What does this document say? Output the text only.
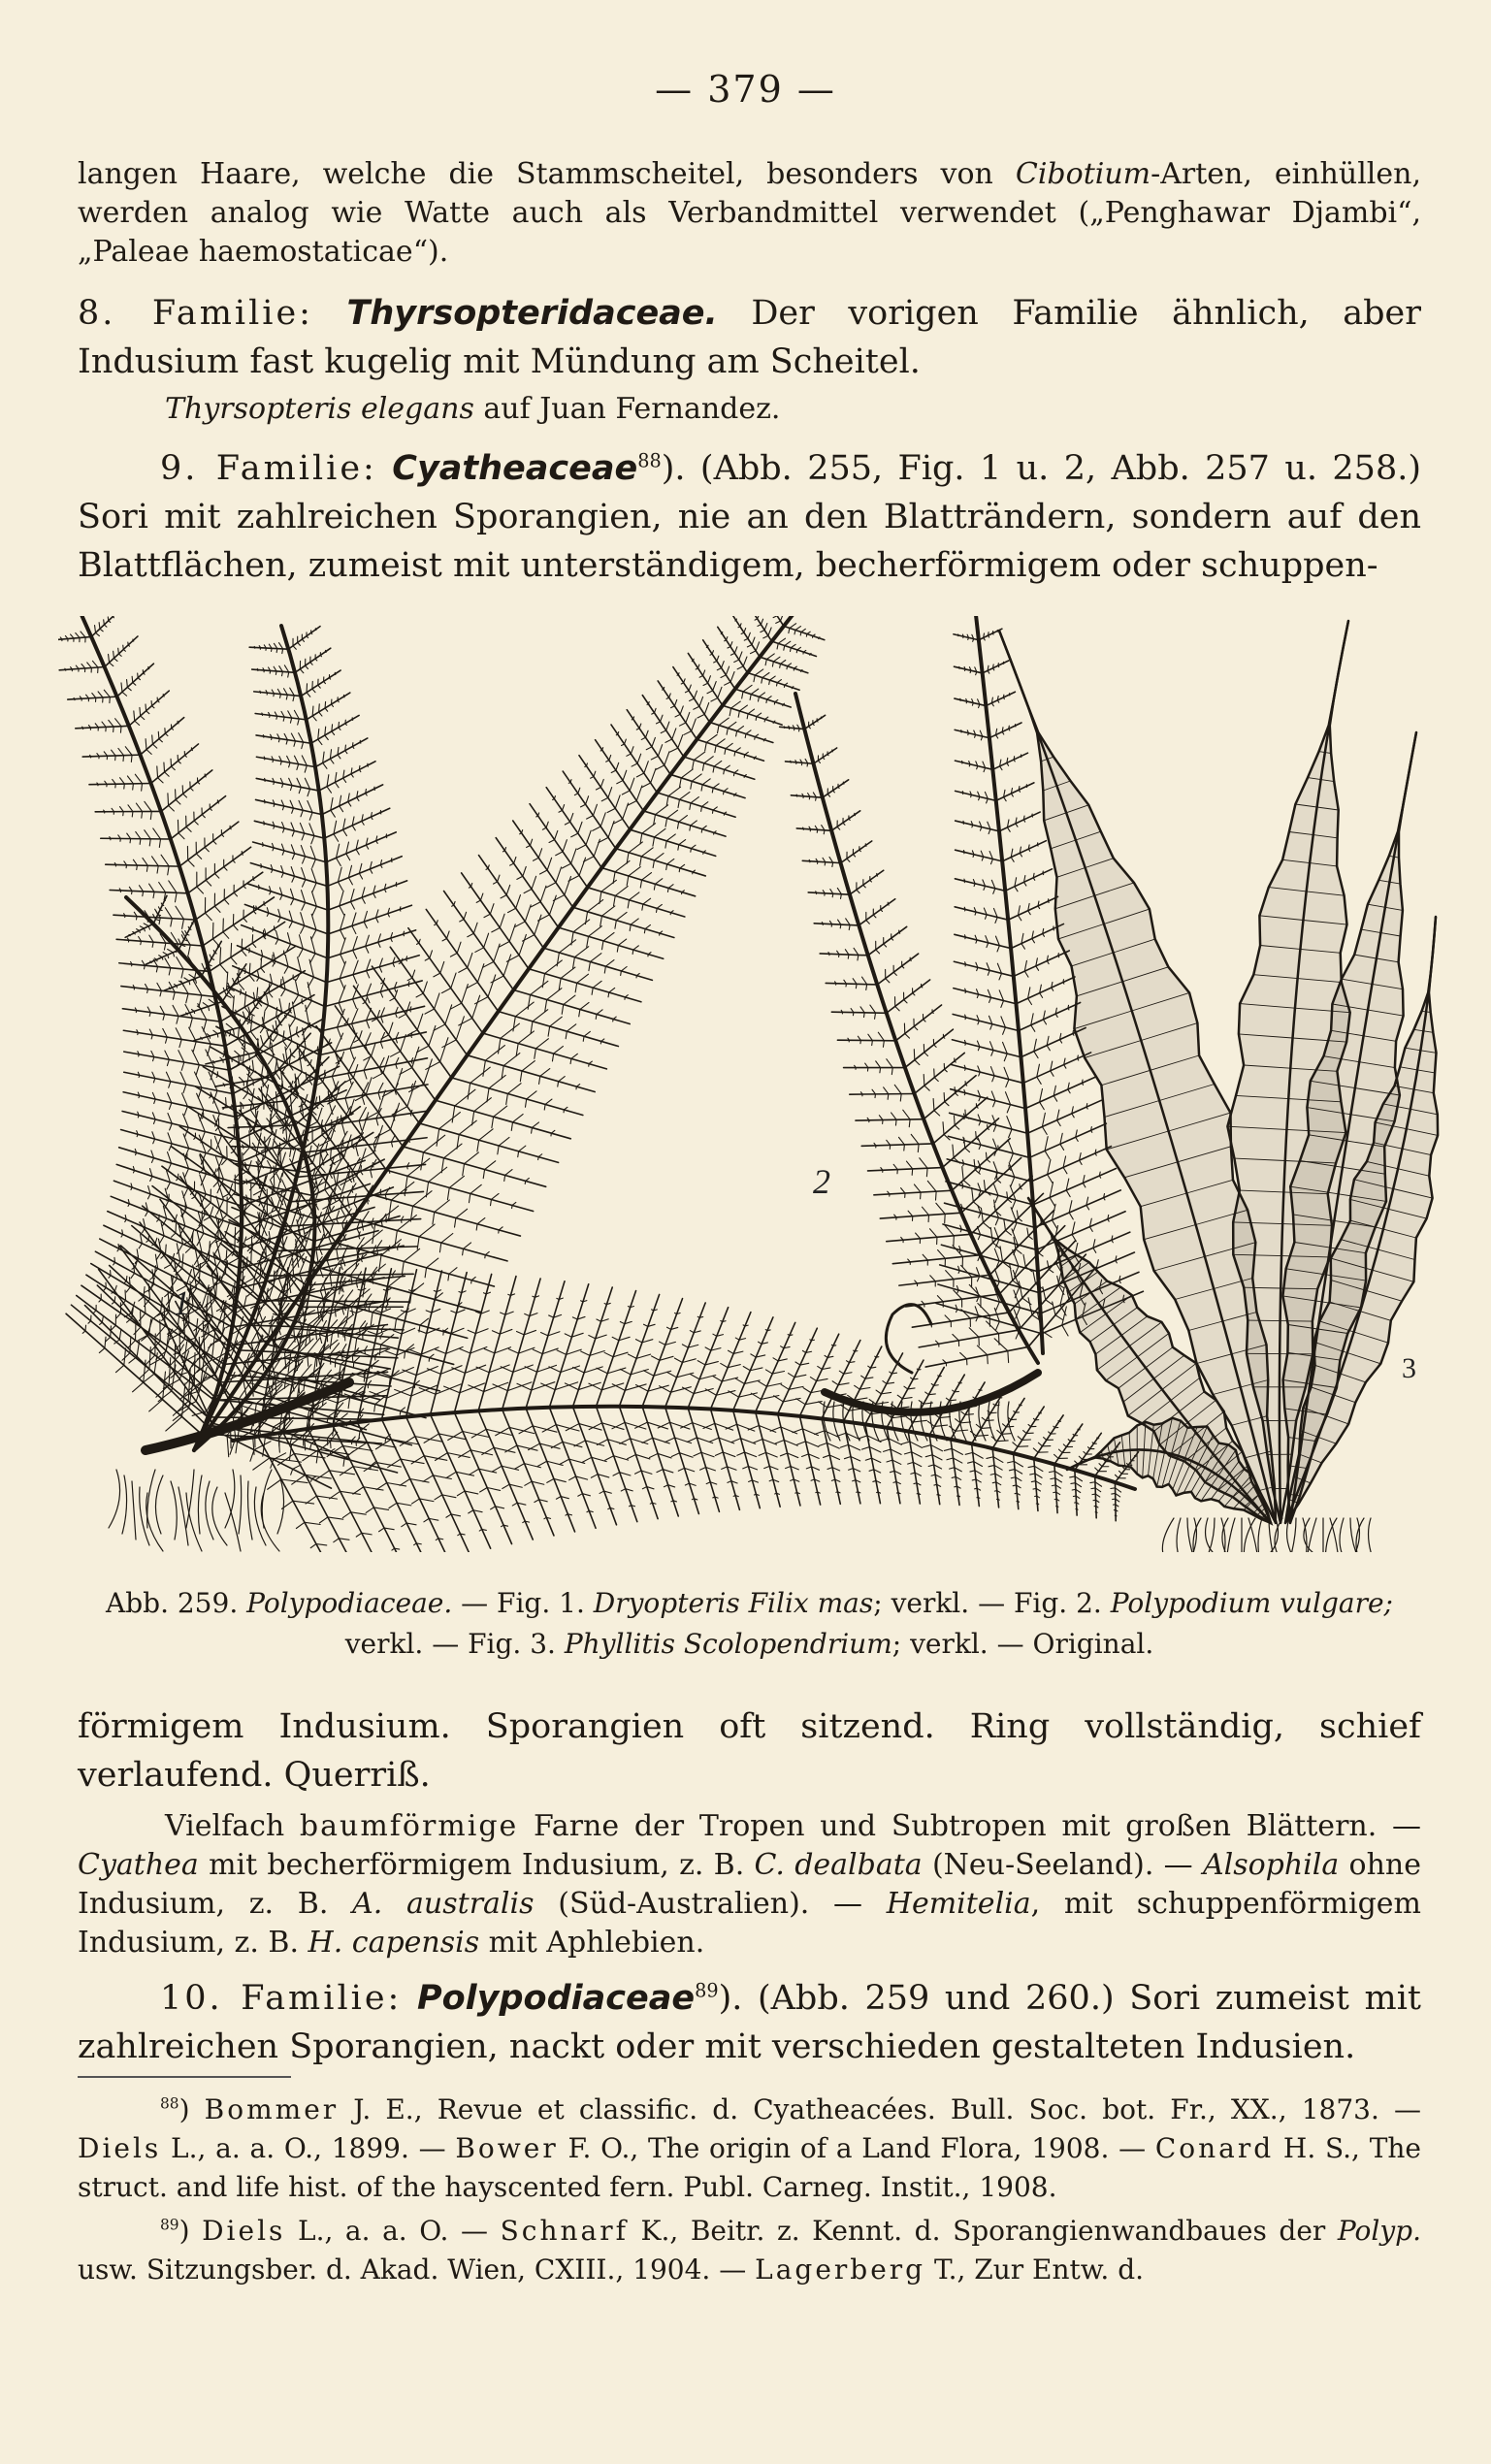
— 379 —
langen Haare, welche die Stammscheitel, besonders von Cibotium-Arten, einhüllen, werden analog wie Watte auch als Verbandmittel verwendet („Penghawar Djambi“, „Paleae haemostaticae“).
8. Familie: Thyrsopteridaceae. Der vorigen Familie ähnlich, aber Indusium fast kugelig mit Mündung am Scheitel.
Thyrsopteris elegans auf Juan Fernandez.
9. Familie: Cyatheaceae$^{88}$). (Abb. 255, Fig. 1 u. 2, Abb. 257 u. 258.) Sori mit zahlreichen Sporangien, nie an den Blatträndern, sondern auf den Blattflächen, zumeist mit unterständigem, becherförmigem oder schuppen-
1
2
3
Abb. 259. Polypodiaceae. — Fig. 1. Dryopteris Filix mas; verkl. — Fig. 2. Polypodium vulgare;
verkl. — Fig. 3. Phyllitis Scolopendrium; verkl. — Original.
förmigem Indusium. Sporangien oft sitzend. Ring vollständig, schief verlaufend. Querriß.
Vielfach baumförmige Farne der Tropen und Subtropen mit großen Blättern. — Cyathea mit becherförmigem Indusium, z. B. C. dealbata (Neu-Seeland). — Alsophila ohne Indusium, z. B. A. australis (Süd-Australien). — Hemitelia, mit schuppenförmigem Indusium, z. B. H. capensis mit Aphlebien.
10. Familie: Polypodiaceae$^{89}$). (Abb. 259 und 260.) Sori zumeist mit zahlreichen Sporangien, nackt oder mit verschieden gestalteten Indusien.
$^{88}$) Bommer J. E., Revue et classific. d. Cyatheacées. Bull. Soc. bot. Fr., XX., 1873. — Diels L., a. a. O., 1899. — Bower F. O., The origin of a Land Flora, 1908. — Conard H. S., The struct. and life hist. of the hayscented fern. Publ. Carneg. Instit., 1908.
$^{89}$) Diels L., a. a. O. — Schnarf K., Beitr. z. Kennt. d. Sporangienwandbaues der Polyp. usw. Sitzungsber. d. Akad. Wien, CXIII., 1904. — Lagerberg T., Zur Entw. d.
